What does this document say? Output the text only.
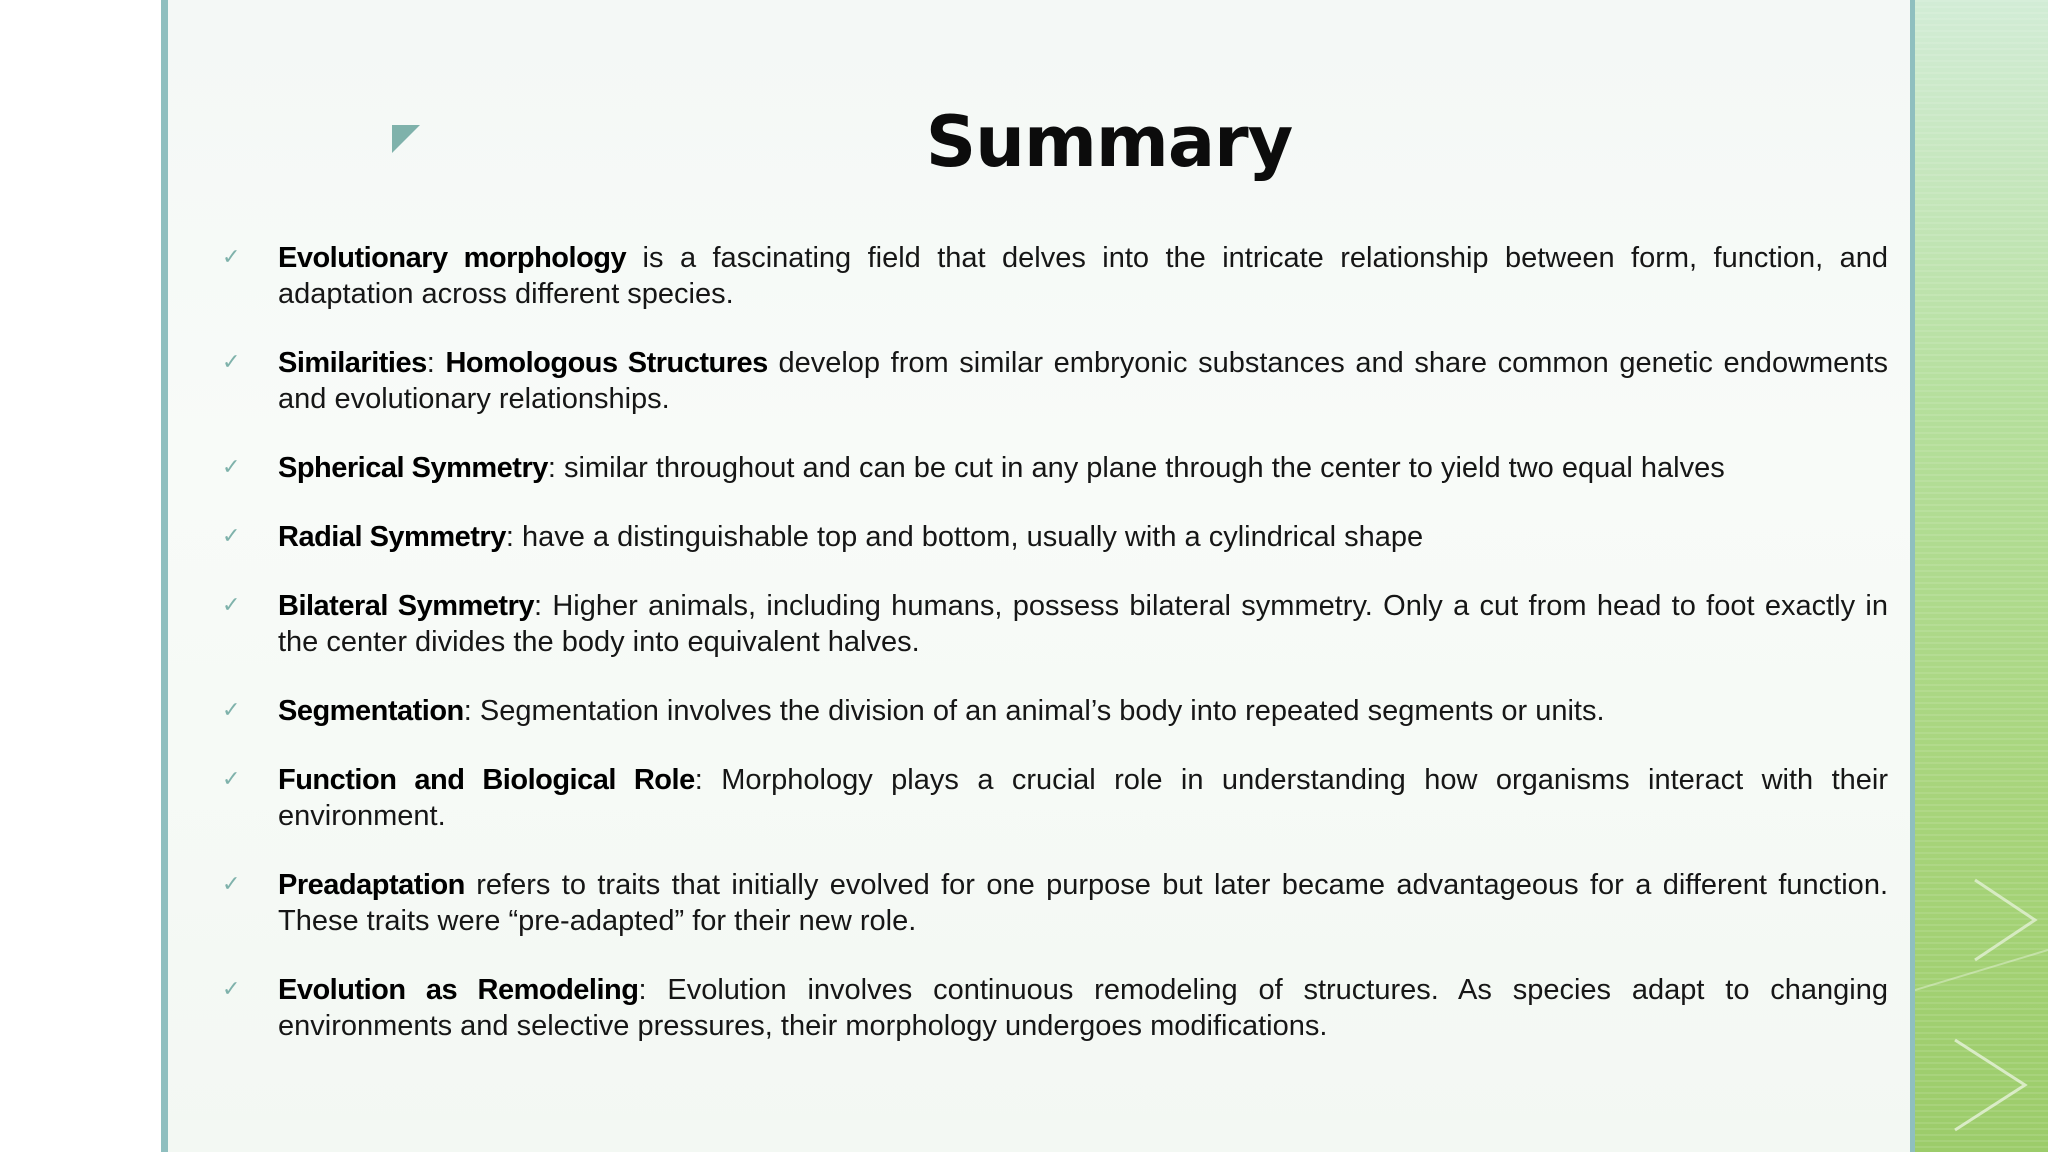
Summary
✓	Evolutionary morphology is a fascinating field that delves into the intricate relationship between form, function, and adaptation across different species.
✓	Similarities: Homologous Structures develop from similar embryonic substances and share common genetic endowments and evolutionary relationships.
✓	Spherical Symmetry: similar throughout and can be cut in any plane through the center to yield two equal halves
✓	Radial Symmetry: have a distinguishable top and bottom, usually with a cylindrical shape
✓	Bilateral Symmetry: Higher animals, including humans, possess bilateral symmetry. Only a cut from head to foot exactly in the center divides the body into equivalent halves.
✓	Segmentation: Segmentation involves the division of an animal’s body into repeated segments or units.
✓	Function and Biological Role: Morphology plays a crucial role in understanding how organisms interact with their environment.
✓	Preadaptation refers to traits that initially evolved for one purpose but later became advantageous for a different function. These traits were “pre-adapted” for their new role.
✓	Evolution as Remodeling: Evolution involves continuous remodeling of structures. As species adapt to changing environments and selective pressures, their morphology undergoes modifications.
